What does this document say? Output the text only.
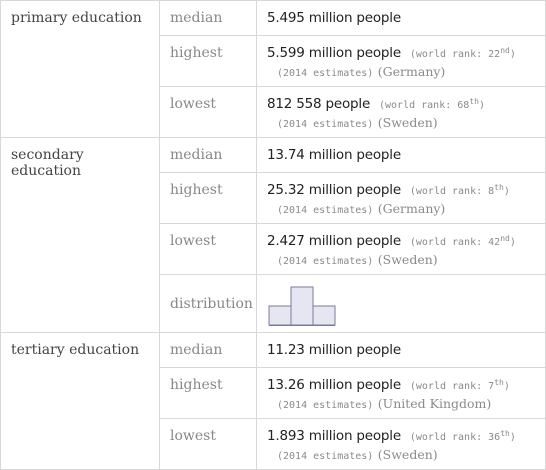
primary education	median	5.495 million people
	highest	5.599 million people (world rank: 22nd)
(2014 estimates) (Germany)

	lowest	812 558 people (world rank: 68th)
(2014 estimates) (Sweden)

secondary education	median	13.74 million people
	highest	25.32 million people (world rank: 8th)
(2014 estimates) (Germany)

	lowest	2.427 million people (world rank: 42nd)
(2014 estimates) (Sweden)

	distribution	

tertiary education	median	11.23 million people
	highest	13.26 million people (world rank: 7th)
(2014 estimates) (United Kingdom)

	lowest	1.893 million people (world rank: 36th)
(2014 estimates) (Sweden)
